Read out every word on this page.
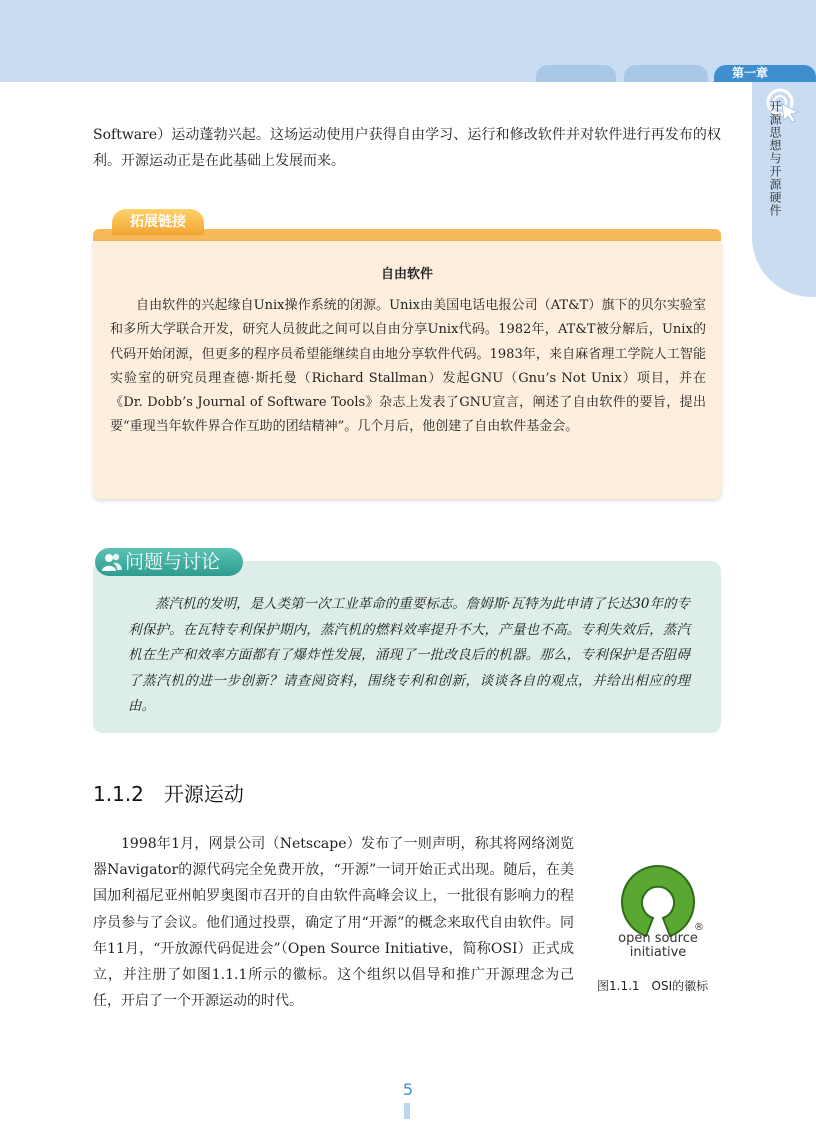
第一章
开源思想与开源硬件

Software）运动蓬勃兴起。这场运动使用户获得自由学习、运行和修改软件并对软件进行再发布的权利。开源运动正是在此基础上发展而来。

拓展链接
自由软件

自由软件的兴起缘自Unix操作系统的闭源。Unix由美国电话电报公司（AT&T）旗下的贝尔实验室和多所大学联合开发，研究人员彼此之间可以自由分享Unix代码。1982年，AT&T被分解后，Unix的代码开始闭源，但更多的程序员希望能继续自由地分享软件代码。1983年，来自麻省理工学院人工智能实验室的研究员理查德·斯托曼（Richard Stallman）发起GNU（Gnu’s Not Unix）项目，并在《Dr. Dobb’s Journal of Software Tools》杂志上发表了GNU宣言，阐述了自由软件的要旨，提出要“重现当年软件界合作互助的团结精神”。几个月后，他创建了自由软件基金会。

问题与讨论

蒸汽机的发明，是人类第一次工业革命的重要标志。詹姆斯·瓦特为此申请了长达30年的专利保护。在瓦特专利保护期内，蒸汽机的燃料效率提升不大，产量也不高。专利失效后，蒸汽机在生产和效率方面都有了爆炸性发展，涌现了一批改良后的机器。那么，专利保护是否阻碍了蒸汽机的进一步创新？请查阅资料，围绕专利和创新，谈谈各自的观点，并给出相应的理由。

1.1.2 开源运动

1998年1月，网景公司（Netscape）发布了一则声明，称其将网络浏览器Navigator的源代码完全免费开放，“开源”一词开始正式出现。随后，在美国加利福尼亚州帕罗奥图市召开的自由软件高峰会议上，一批很有影响力的程序员参与了会议。他们通过投票，确定了用“开源”的概念来取代自由软件。同年11月，“开放源代码促进会”（Open Source Initiative，简称OSI）正式成立，并注册了如图1.1.1所示的徽标。这个组织以倡导和推广开源理念为己任，开启了一个开源运动的时代。

open source
initiative
®
图1.1.1　OSI的徽标
5
